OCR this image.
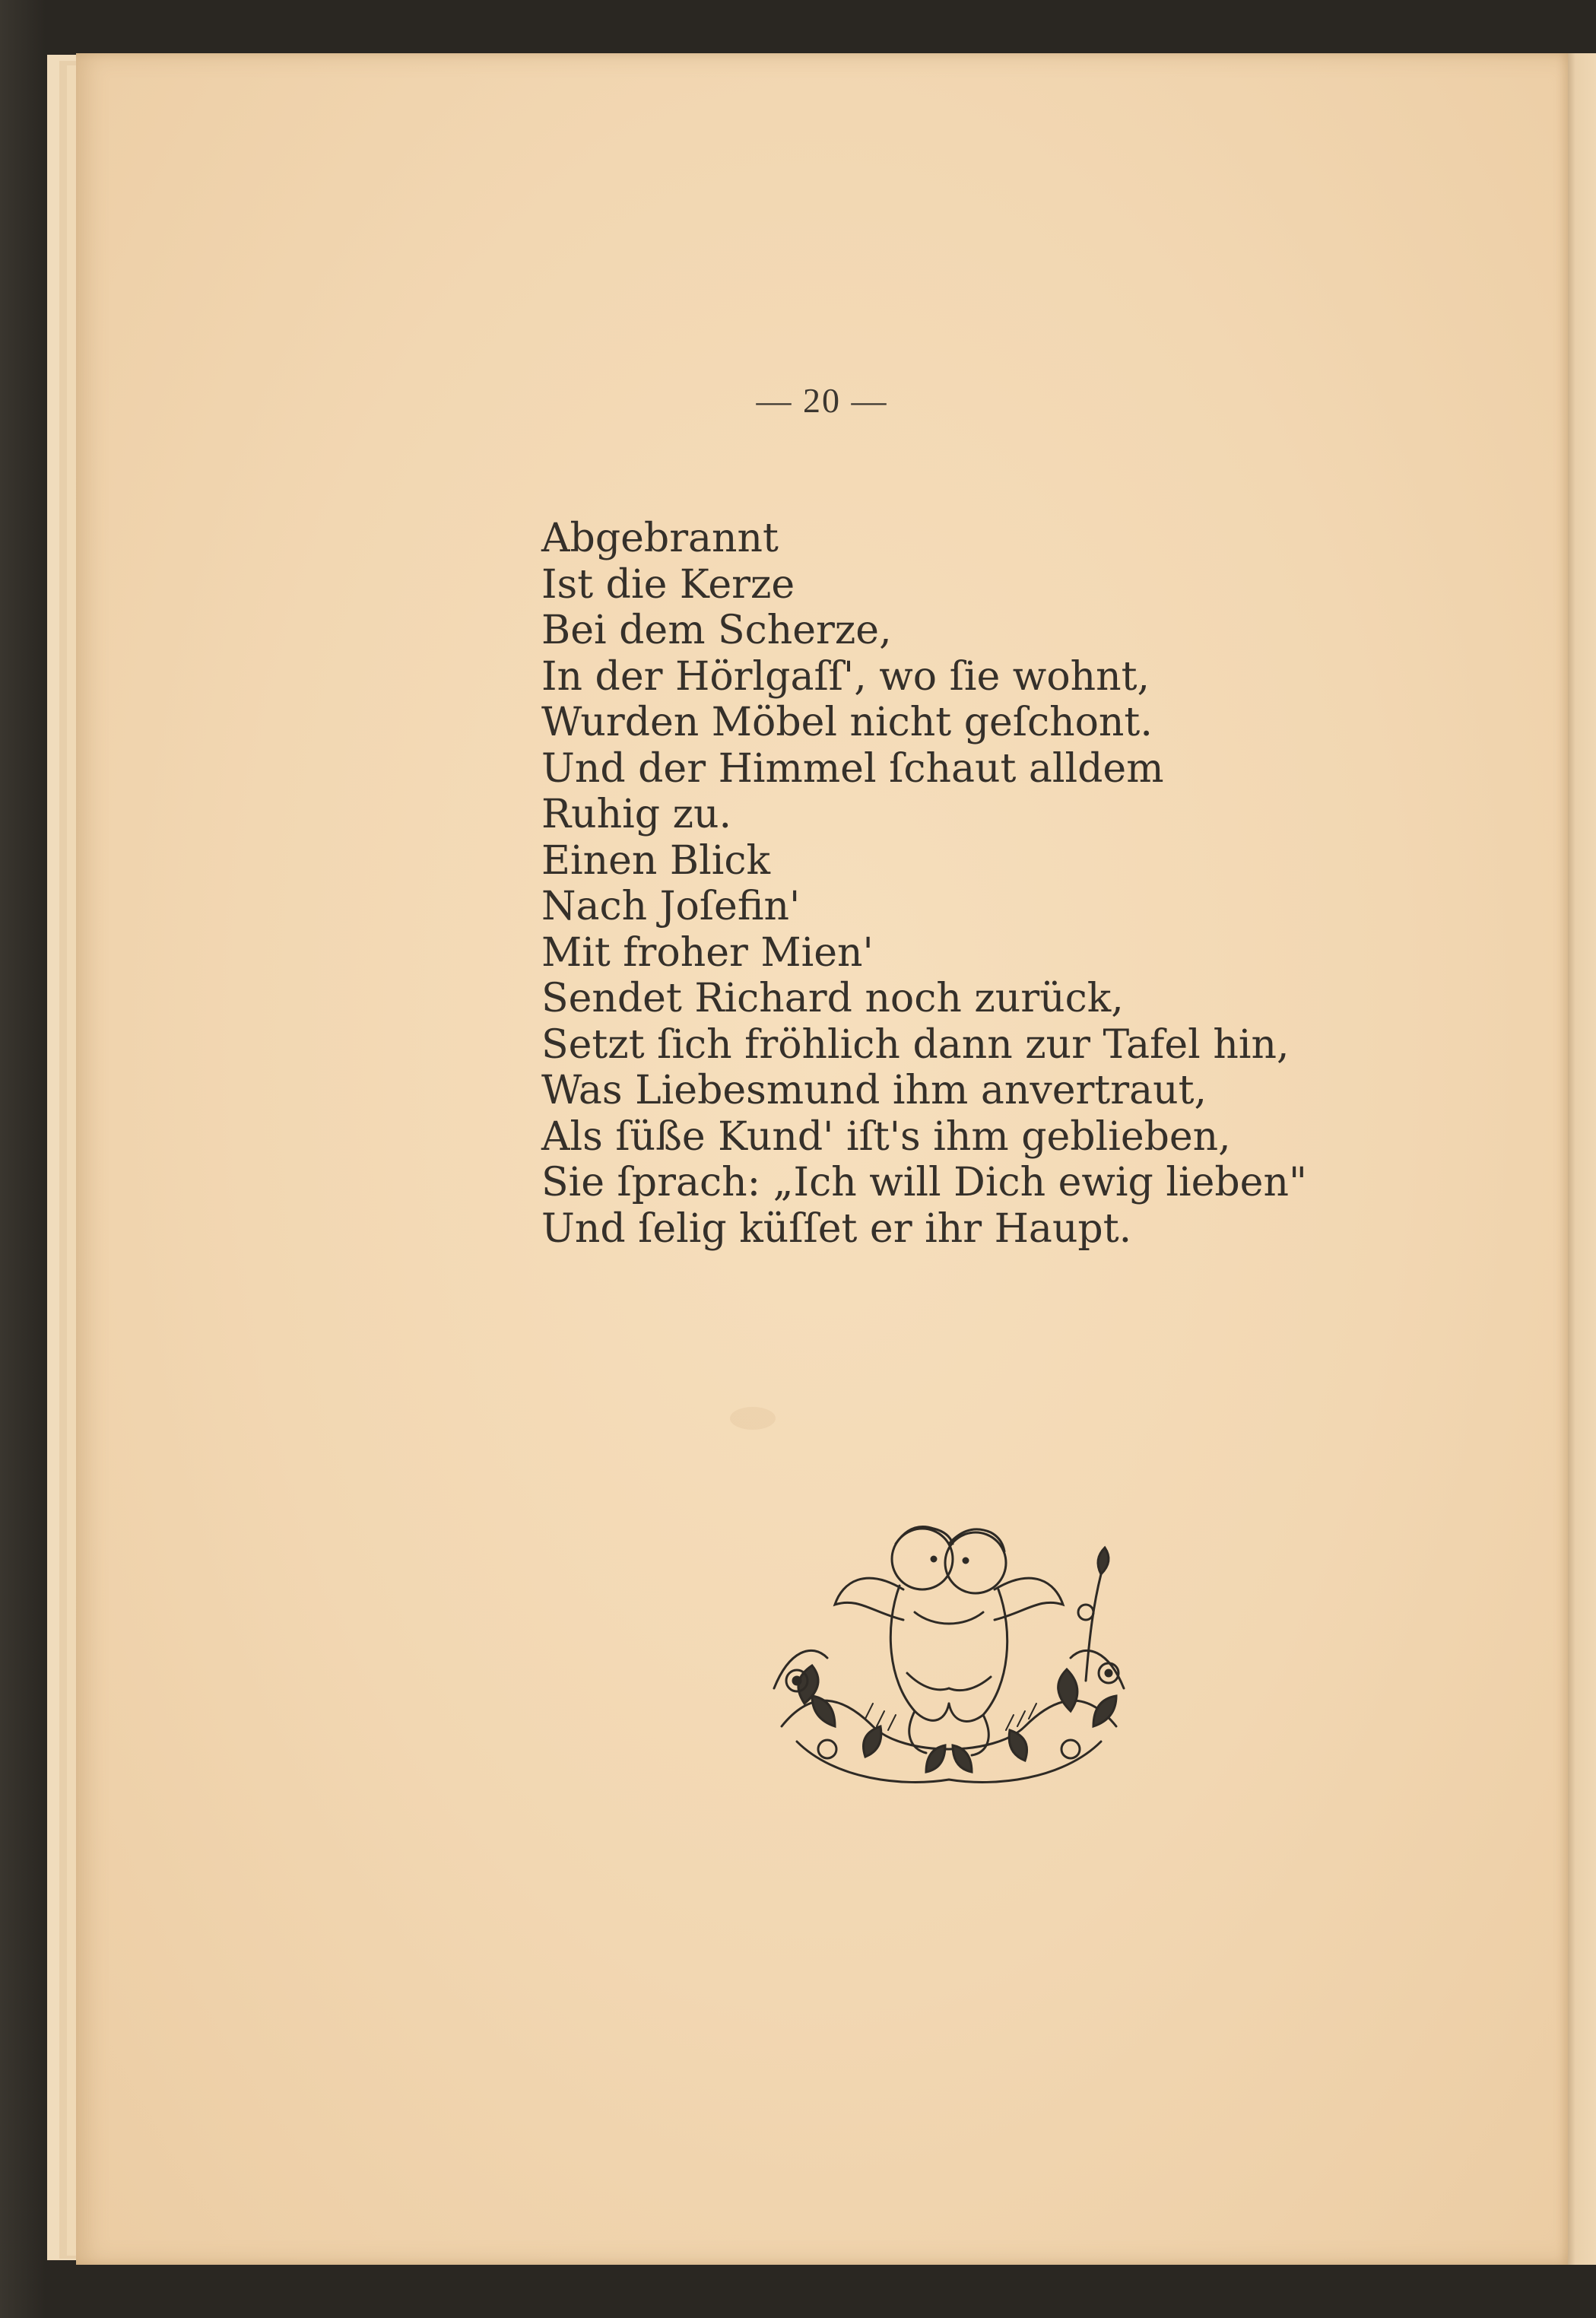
— 20 —
Abgebrannt
Ist die Kerze
Bei dem Scherze,
In der Hörlgaſſ', wo ſie wohnt,
Wurden Möbel nicht geſchont.
Und der Himmel ſchaut alldem
Ruhig zu.
Einen Blick
Nach Joſefin'
Mit froher Mien'
Sendet Richard noch zurück,
Setzt ſich fröhlich dann zur Tafel hin,
Was Liebesmund ihm anvertraut,
Als ſüße Kund' iſt's ihm geblieben,
Sie ſprach: „Ich will Dich ewig lieben"
Und ſelig küſſet er ihr Haupt.
